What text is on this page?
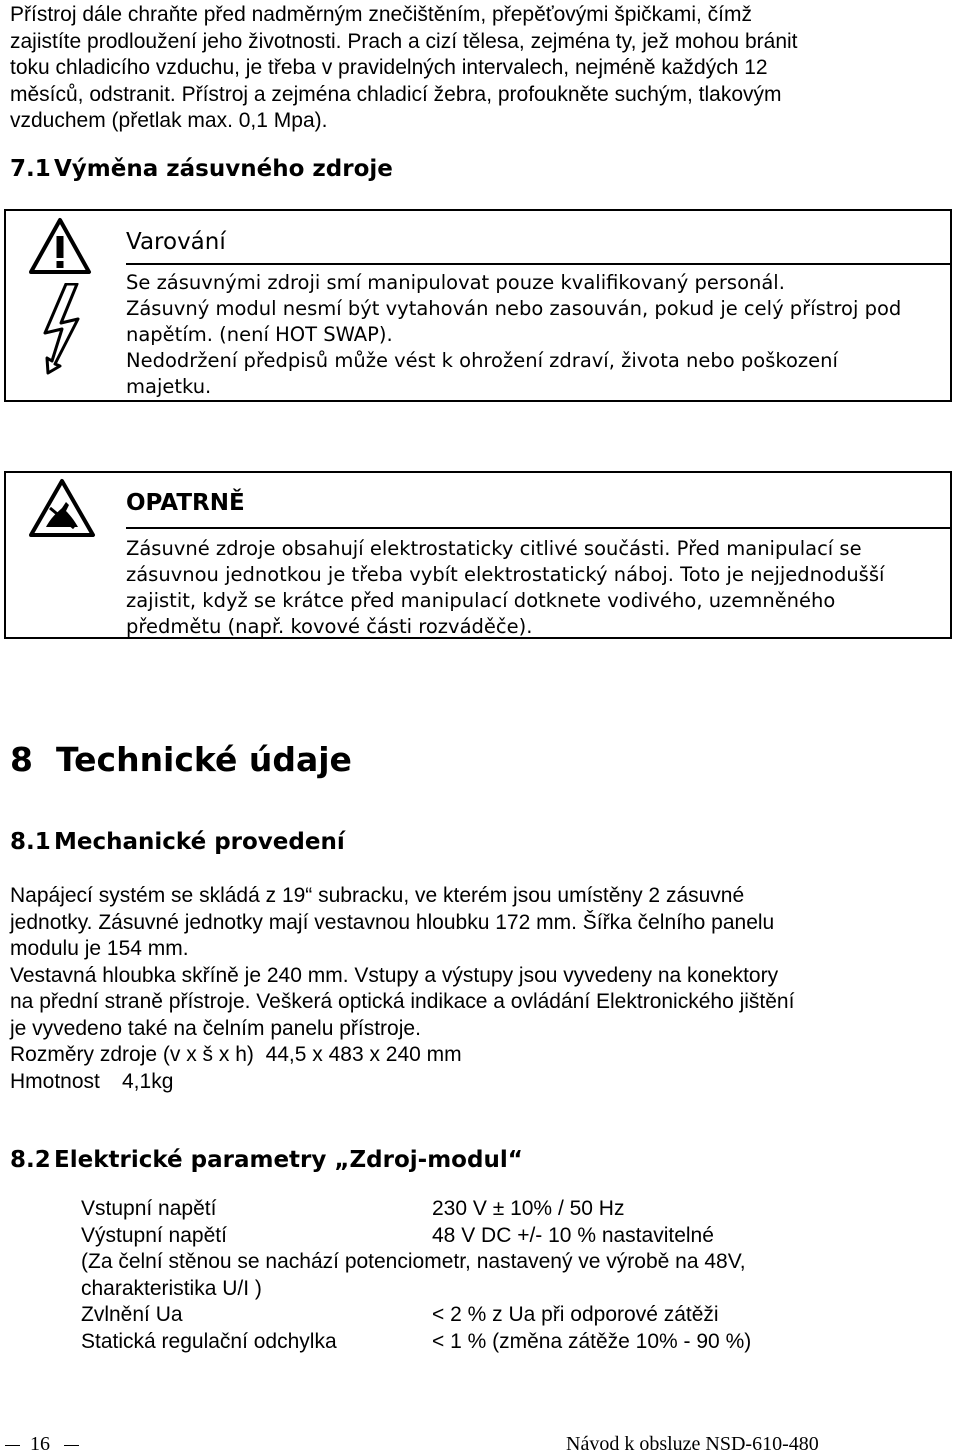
Přístroj dále chraňte před nadměrným znečištěním, přepěťovými špičkami, čímž

zajistíte prodloužení jeho životnosti. Prach a cizí tělesa, zejména ty, jež mohou bránit

toku chladicího vzduchu, je třeba v pravidelných intervalech, nejméně každých 12

měsíců, odstranit. Přístroj a zejména chladicí žebra, profoukněte suchým, tlakovým

vzduchem (přetlak max. 0,1 Mpa).

7.1 Výměna zásuvného zdroje
Varování

Se zásuvnými zdroji smí manipulovat pouze kvalifikovaný personál.

Zásuvný modul nesmí být vytahován nebo zasouván, pokud je celý přístroj pod

napětím. (není HOT SWAP).

Nedodržení předpisů může vést k ohrožení zdraví, života nebo poškození

majetku.

OPATRNĚ

Zásuvné zdroje obsahují elektrostaticky citlivé součásti. Před manipulací se

zásuvnou jednotkou je třeba vybít elektrostatický náboj. Toto je nejjednodušší

zajistit, když se krátce před manipulací dotknete vodivého, uzemněného

předmětu (např. kovové části rozváděče).

8 Technické údaje
8.1 Mechanické provedení

Napájecí systém se skládá z 19“ subracku, ve kterém jsou umístěny 2 zásuvné

jednotky. Zásuvné jednotky mají vestavnou hloubku 172 mm. Šířka čelního panelu

modulu je 154 mm.

Vestavná hloubka skříně je 240 mm. Vstupy a výstupy jsou vyvedeny na konektory

na přední straně přístroje. Veškerá optická indikace a ovládání Elektronického jištění

je vyvedeno také na čelním panelu přístroje.

Rozměry zdroje (v x š x h) 44,5 x 483 x 240 mm

Hmotnost 4,1kg

8.2 Elektrické parametry „Zdroj-modul“
Vstupní napětí	230 V ± 10% / 50 Hz
Výstupní napětí	48 V DC +/- 10 % nastavitelné
(Za čelní stěnou se nachází potenciometr, nastavený ve výrobě na 48V,
charakteristika U/I )
Zvlnění Ua	< 2 % z Ua při odporové zátěži
Statická regulační odchylka	< 1 % (změna zátěže 10% - 90 %)
16	Návod k obsluze NSD-610-480
